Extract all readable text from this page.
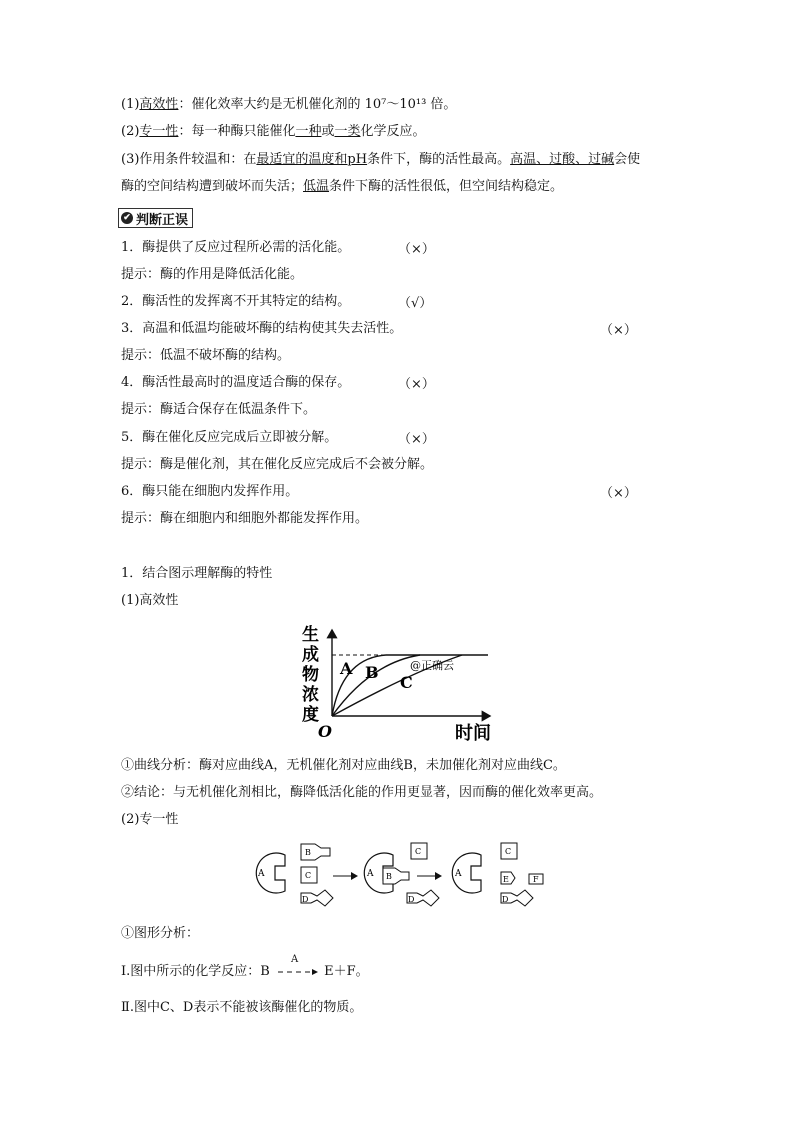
(1)高效性：催化效率大约是无机催化剂的 10⁷～10¹³ 倍。
(2)专一性：每一种酶只能催化一种或一类化学反应。
(3)作用条件较温和：在最适宜的温度和pH条件下，酶的活性最高。高温、过酸、过碱会使
酶的空间结构遭到破坏而失活；低温条件下酶的活性很低，但空间结构稳定。
✔ 判断正误
1．酶提供了反应过程所必需的活化能。	（×）
提示：酶的作用是降低活化能。
2．酶活性的发挥离不开其特定的结构。	（√）
3．高温和低温均能破坏酶的结构使其失去活性。	（×）
提示：低温不破坏酶的结构。
4．酶活性最高时的温度适合酶的保存。	（×）
提示：酶适合保存在低温条件下。
5．酶在催化反应完成后立即被分解。	（×）
提示：酶是催化剂，其在催化反应完成后不会被分解。
6．酶只能在细胞内发挥作用。	（×）
提示：酶在细胞内和细胞外都能发挥作用。
1．结合图示理解酶的特性
(1)高效性
生
成
物
浓
度
O	时间
A B
C
@正确云
①曲线分析：酶对应曲线A，无机催化剂对应曲线B，未加催化剂对应曲线C。
②结论：与无机催化剂相比，酶降低活化能的作用更显著，因而酶的催化效率更高。
(2)专一性
A
B
C
D
A B
C
D
A
C
E
D
F
①图形分析：
Ⅰ.图中所示的化学反应：B
A
E＋F。
Ⅱ.图中C、D表示不能被该酶催化的物质。
